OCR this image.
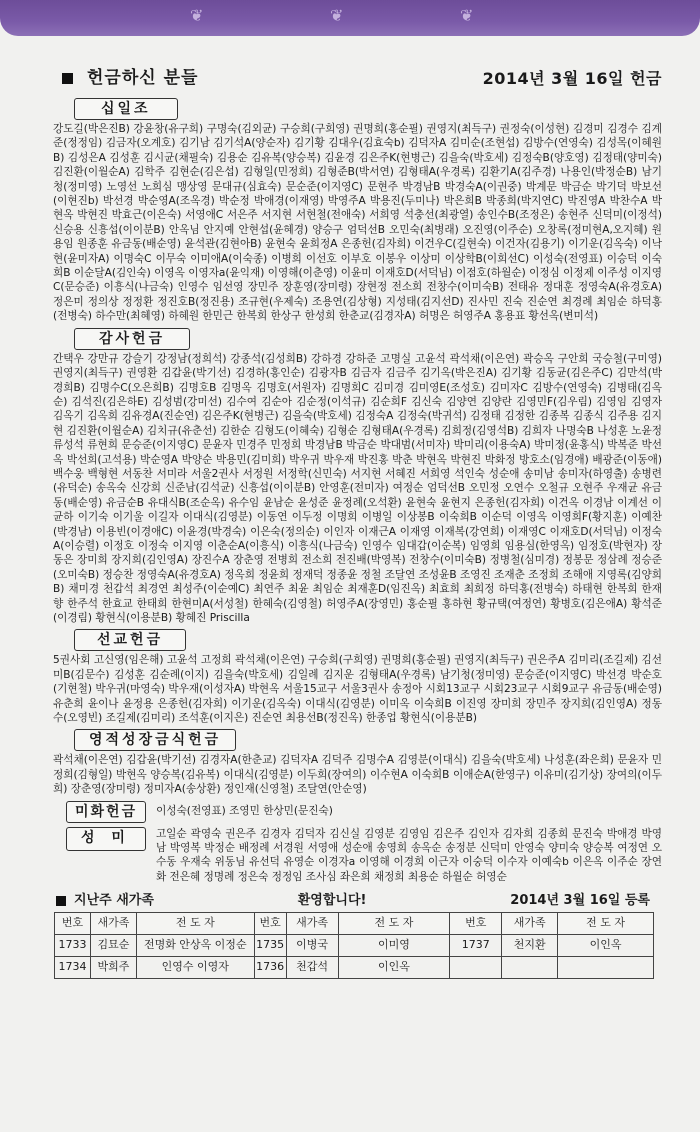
❦	❦	❦
헌금하신 분들	2014년 3월 16일 헌금
십일조
강도길(박은진B) 강윤창(유구희) 구명숙(김외균) 구승희(구희영) 권명희(홍순필) 권영지(최득구) 권정숙(이성현) 김경미 김경수 김계준(정정임) 김금자(오계호) 김기남 김기석A(양순자) 김기황 김대우(김효숙b) 김덕자A 김미순(조현섭) 김방수(연영숙) 김성목(이혜원B) 김성은A 김성훈 김시균(채필숙) 김용순 김유복(양승복) 김윤경 김은주K(현병근) 김을숙(박호세) 김정숙B(양호영) 김정태(양미숙) 김진환(이월순A) 김학주 김현순(김은섭) 김형일(민정희) 김형준B(박서연) 김형태A(우경록) 김환기A(김주경) 나용인(박정순B) 남기청(정미영) 노영선 노희심 맹상영 문대규(심효숙) 문순준(이지영C) 문현주 박경남B 박경숙A(이권중) 박계문 박금순 박기덕 박보선(이현진b) 박선경 박순영A(조옥경) 박순정 박애경(이재영) 박영주A 박용진(두미나) 박은희B 박종희(박지연C) 박진영A 박찬수A 박현옥 박현진 박효근(이은숙) 서영애C 서은주 서지현 서현철(전애숙) 서희영 석충선(최광열) 송인수B(조정은) 송현주 신덕미(이정석) 신승용 신흥섭(이이분B) 안옥님 안지예 안현섭(윤혜경) 양승구 엄덕선B 오민숙(최병래) 오진영(이주순) 오창록(정미현A,오지혜) 원용임 원종훈 유금동(배순영) 윤석관(김현아B) 윤현숙 윤희정A 은종헌(김자희) 이건우C(길현숙) 이건자(김용기) 이기운(김옥숙) 이낙현(윤미자A) 이명숙C 이무숙 이미애A(이숙종) 이병희 이선호 이부호 이봉우 이상미 이상학B(이희선C) 이성숙(전영표) 이승덕 이숙희B 이순달A(김인숙) 이영옥 이영자a(윤익재) 이영해(이춘영) 이윤미 이재호D(서덕님) 이점호(하월순) 이정심 이정제 이주성 이지영C(문승준) 이흥식(나금숙) 인영수 임선영 장민주 장훈영(장미령) 장현정 전소희 전창수(이미숙B) 전태유 정대훈 정영숙A(유경호A) 정은미 정의상 정정환 정진호B(정진용) 조규현(우제숙) 조용연(김상형) 지성태(김지선D) 진사민 진숙 진순연 최경례 최임순 하덕홍(전병숙) 하수만(최혜영) 하혜원 한민근 한복희 한상구 한성희 한춘교(김경자A) 허명은 허영주A 홍용표 황선옥(변미석)
감사헌금
간택우 강만규 강슬기 강정남(정희석) 강종석(김성희B) 강하경 강하준 고명실 고윤석 곽석채(이은연) 곽승옥 구안희 국승철(구미영) 권영지(최득구) 권영환 김갑윤(박기선) 김경하(홍인순) 김광자B 김금자 김금주 김기옥(박은진A) 김기황 김동균(김은주C) 김만석(박경희B) 김명수C(오은희B) 김명호B 김명옥 김명호(서원자) 김명희C 김미경 김미영E(조성호) 김미자C 김방수(연영숙) 김병태(김옥순) 김석진(김은하E) 김성범(강미선) 김수여 김순아 김순정(이석규) 김순희F 김신숙 김양연 김양란 김영민F(김우림) 김영임 김영자 김옥기 김옥희 김유경A(진순연) 김은주K(현병근) 김을숙(박호세) 김정숙A 김정숙(박귀석) 김정태 김정한 김종복 김종식 김주용 김지현 김진환(이월순A) 김치규(유춘선) 김한순 김형도(이혜숙) 김형순 김형태A(우경록) 김희정(김영석B) 김희자 나명숙B 나성훈 노윤정 류성석 류현희 문승준(이지영C) 문윤자 민경주 민정희 박경남B 박금순 박대범(서미자) 박미리(이용숙A) 박미정(윤홍식) 박복준 박선옥 박선희(고석용) 박순영A 박양순 박용민(김미희) 박우귀 박우재 박진홍 박춘 박현옥 박현진 박화정 방호소(임경애) 배광준(이동애) 백수웅 백형현 서동찬 서미라 서울2권사 서정원 서정학(신민숙) 서지현 서혜진 서희영 석인숙 성순애 송미남 송미자(하영출) 송병련(유덕순) 송옥숙 신강희 신준남(김석균) 신흥섭(이이분B) 안영훈(전미자) 여정순 엄덕선B 오민정 오연수 오철규 오현주 우재균 유금동(배순영) 유금순B 유대식B(조순옥) 유수임 윤남순 윤성준 윤정례(오석환) 윤현숙 윤현지 은종헌(김자희) 이건옥 이경남 이계선 이균하 이기숙 이기울 이길자 이대식(김영분) 이동연 이두정 이명희 이병일 이상봉B 이숙희B 이순덕 이영옥 이영희F(황지훈) 이예찬(박경남) 이용빈(이경애C) 이윤경(박경숙) 이은숙(정의순) 이인자 이재근A 이재영 이재복(강연희) 이재영C 이재호D(서덕님) 이정숙A(이승렬) 이정호 이정숙 이지영 이춘순A(이흥식) 이흥식(나금숙) 인영수 임대갑(이순복) 임영희 임용심(한영옥) 임정호(박현자) 장동은 장미희 장지희(김인영A) 장진수A 장춘영 전병희 전소희 전진배(박영복) 전창수(이미숙B) 정병철(심미경) 정봉문 정삼례 정승준(오미숙B) 정승찬 정영숙A(유경호A) 정옥희 정윤희 정재덕 정종윤 정철 조달연 조성윤B 조영진 조재춘 조정희 조해애 지영록(김양희B) 채미경 천갑석 최경연 최성주(이순예C) 최연주 최윤 최임순 최재훈D(임진옥) 최효희 최희정 하덕홍(전병숙) 하태현 한복희 한재향 한주석 한효교 한태희 한현미A(서성철) 한혜숙(김영철) 허영주A(장영민) 홍순필 홍하현 황규택(여정연) 황병호(김은애A) 황석준(이경림) 황현식(이용분B) 황혜진 Priscilla
선교헌금
5권사회 고신영(임은해) 고윤석 고정희 곽석채(이은연) 구승희(구희영) 권명희(홍순필) 권영지(최득구) 권은주A 김미리(조길제) 김선미B(김문수) 김성훈 김순례(이지) 김을숙(박호세) 김일례 김지운 김형태A(우경록) 남기청(정미영) 문승준(이지영C) 박선경 박순호(기현철) 박우귀(마영숙) 박우재(이성자A) 박현옥 서울15교구 서울3권사 송정아 시회13교구 시회23교구 시회9교구 유금동(배순영) 유춘희 윤이나 윤정용 은종헌(김자희) 이기운(김옥숙) 이대식(김영분) 이미옥 이숙희B 이진영 장미희 장민주 장지희(김인영A) 정동수(오영빈) 조길제(김미리) 조석훈(이지은) 진순연 최용선B(정진옥) 한종업 황현식(이용분B)
영적성장금식헌금
곽석채(이은연) 김갑윤(박기선) 김경자A(한춘교) 김덕자A 김덕주 김명수A 김영분(이대식) 김을숙(박호세) 나성훈(좌은희) 문윤자 민정희(김형일) 박현옥 양승복(김유복) 이대식(김영분) 이두희(장여의) 이수현A 이숙희B 이애순A(한영구) 이유미(김기상) 장여의(이두희) 장춘영(장미령) 정미자A(송상환) 정인재(신영철) 조달연(안순영)
미화헌금	이성숙(전영표) 조영민 한상민(문진숙)
성 미	고일순 곽영숙 권은주 김경자 김덕자 김신실 김영분 김영임 김은주 김인자 김자희 김종희 문진숙 박애경 박영남 박영복 박정순 배정례 서경원 서영애 성순애 송영희 송옥순 송정분 신덕미 안영숙 양미숙 양승복 여정연 오수동 우재숙 위동님 유선덕 유영순 이경자a 이영해 이경희 이근자 이숭덕 이수자 이예숙b 이은옥 이주순 장연화 전은혜 정명례 정은숙 정정임 조사심 좌은희 채정희 최용순 하월순 허영순
지난주 새가족	환영합니다!	2014년 3월 16일 등록
번호	새가족	전 도 자	번호	새가족	전 도 자	번호	새가족	전 도 자
1733	김묘순	전명화 안상옥 이정순	1735	이병국	이미영	1737	천지환	이인옥
1734	박희주	인영수 이영자	1736	천갑석	이인옥			
